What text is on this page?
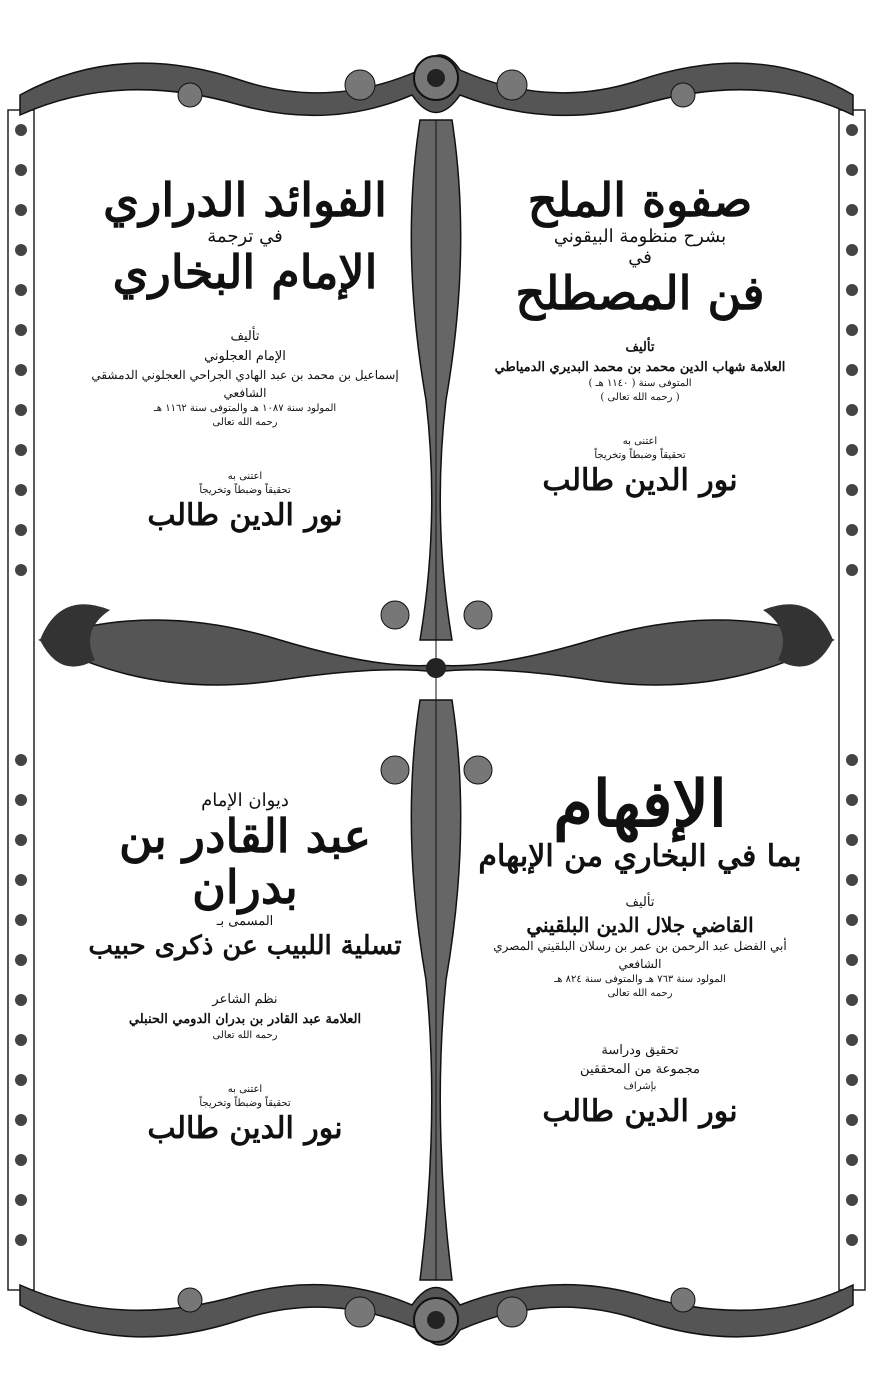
الفوائد الدراري
في ترجمة
الإمام البخاري
تأليف
الإمام العجلوني
إسماعيل بن محمد بن عبد الهادي الجراحي العجلوني الدمشقي الشافعي
المولود سنة ١٠٨٧ هـ والمتوفى سنة ١١٦٢ هـ
رحمه الله تعالى
اعتنى به
تحقيقاً وضبطاً وتخريجاً
نور الدين طالب
صفوة الملح
بشرح منظومة البيقوني
في
فن المصطلح
تأليف
العلامة شهاب الدين محمد بن محمد البديري الدمياطي
المتوفى سنة ( ١١٤٠ هـ )
( رحمه الله تعالى )
اعتنى به
تحقيقاً وضبطاً وتخريجاً
نور الدين طالب
ديوان الإمام
عبد القادر بن بدران
المسمى بـ
تسلية اللبيب عن ذكرى حبيب
نظم الشاعر
العلامة عبد القادر بن بدران الدومي الحنبلي
رحمه الله تعالى
اعتنى به
تحقيقاً وضبطاً وتخريجاً
نور الدين طالب
الإفهام
بما في البخاري من الإبهام
تأليف
القاضي جلال الدين البلقيني
أبي الفضل عبد الرحمن بن عمر بن رسلان البلقيني المصري الشافعي
المولود سنة ٧٦٣ هـ والمتوفى سنة ٨٢٤ هـ
رحمه الله تعالى
تحقيق ودراسة
مجموعة من المحققين
بإشراف
نور الدين طالب
